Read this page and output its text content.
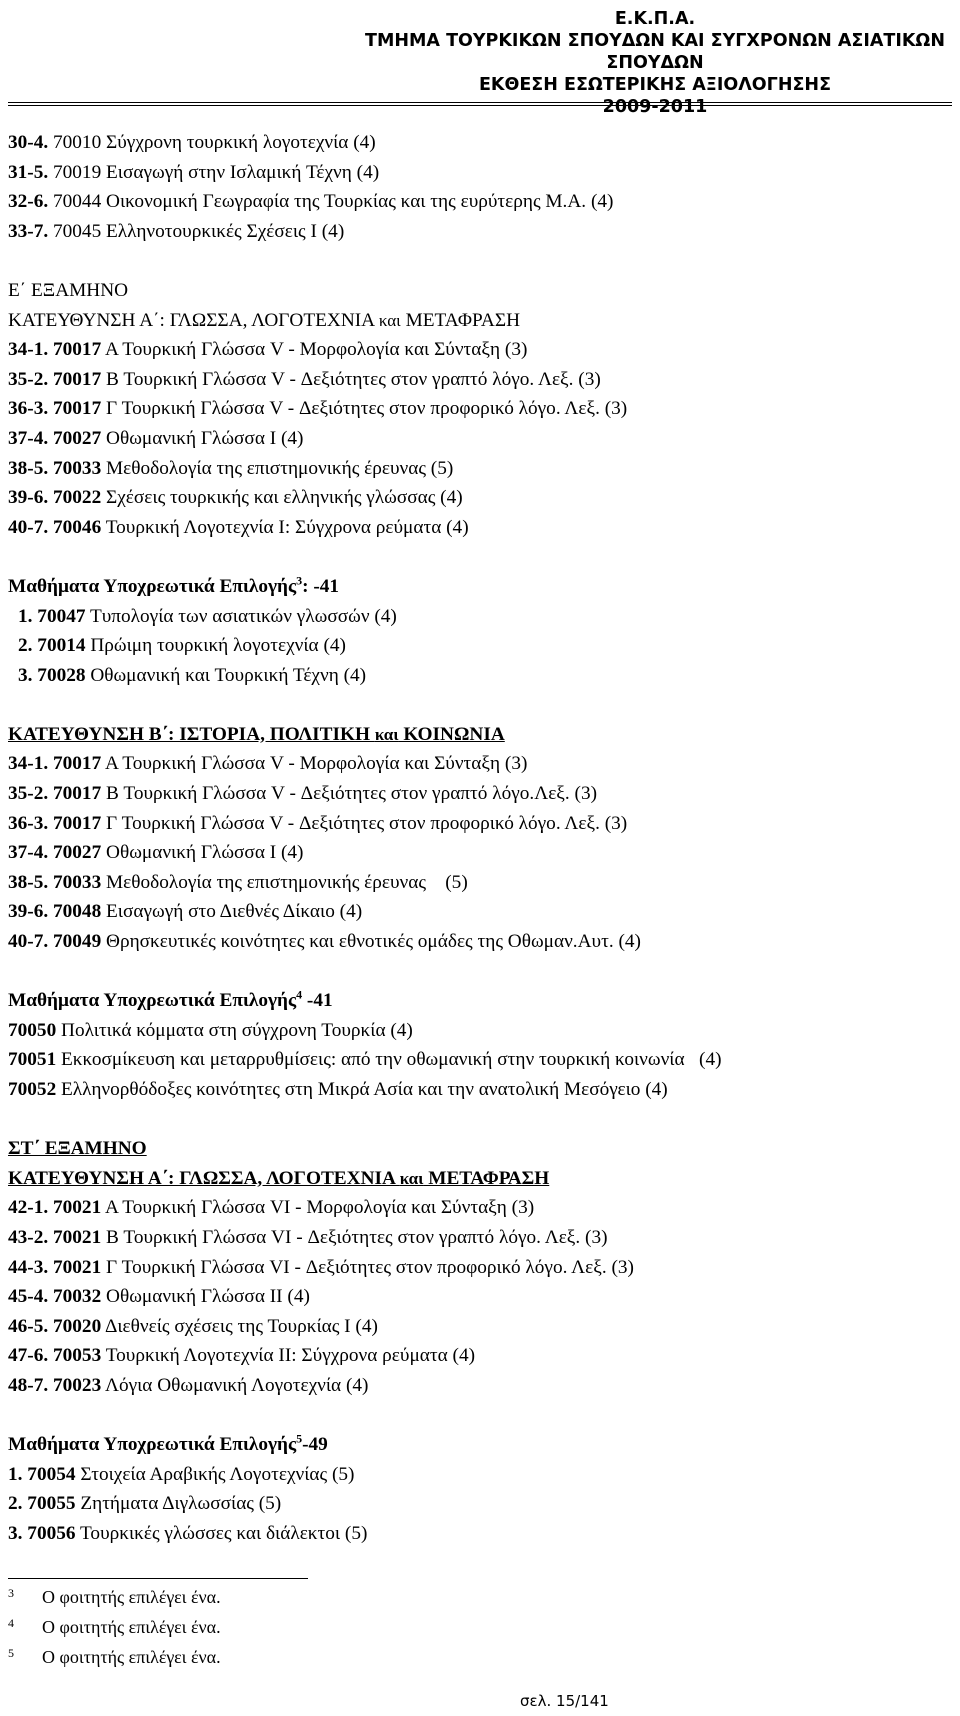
Ε.Κ.Π.Α.
ΤΜΗΜΑ ΤΟΥΡΚΙΚΩΝ ΣΠΟΥΔΩΝ ΚΑΙ ΣΥΓΧΡΟΝΩΝ ΑΣΙΑΤΙΚΩΝ ΣΠΟΥΔΩΝ
ΕΚΘΕΣΗ ΕΣΩΤΕΡΙΚΗΣ ΑΞΙΟΛΟΓΗΣΗΣ
2009-2011
30-4. 70010 Σύγχρονη τουρκική λογοτεχνία (4)
31-5. 70019 Εισαγωγή στην Ισλαμική Τέχνη (4)
32-6. 70044 Οικονομική Γεωγραφία της Τουρκίας και της ευρύτερης Μ.Α. (4)
33-7. 70045 Ελληνοτουρκικές Σχέσεις Ι (4)
Ε΄ ΕΞΑΜΗΝΟ
ΚΑΤΕΥΘΥΝΣΗ Α΄: ΓΛΩΣΣΑ, ΛΟΓΟΤΕΧΝΙΑ και ΜΕΤΑΦΡΑΣΗ
34-1. 70017 Α Τουρκική Γλώσσα V - Μορφολογία και Σύνταξη (3)
35-2. 70017 Β Τουρκική Γλώσσα V - Δεξιότητες στον γραπτό λόγο. Λεξ. (3)
36-3. 70017 Γ Τουρκική Γλώσσα V - Δεξιότητες στον προφορικό λόγο. Λεξ. (3)
37-4. 70027 Οθωμανική Γλώσσα Ι (4)
38-5. 70033 Μεθοδολογία της επιστημονικής έρευνας (5)
39-6. 70022 Σχέσεις τουρκικής και ελληνικής γλώσσας (4)
40-7. 70046 Τουρκική Λογοτεχνία Ι: Σύγχρονα ρεύματα (4)
Μαθήματα Υποχρεωτικά Επιλογής$^3$: -41
1. 70047 Τυπολογία των ασιατικών γλωσσών (4)
2. 70014 Πρώιμη τουρκική λογοτεχνία (4)
3. 70028 Οθωμανική και Τουρκική Τέχνη (4)
ΚΑΤΕΥΘΥΝΣΗ Β΄: ΙΣΤΟΡΙΑ, ΠΟΛΙΤΙΚΗ και ΚΟΙΝΩΝΙΑ
34-1. 70017 Α Τουρκική Γλώσσα V - Μορφολογία και Σύνταξη (3)
35-2. 70017 Β Τουρκική Γλώσσα V - Δεξιότητες στον γραπτό λόγο.Λεξ. (3)
36-3. 70017 Γ Τουρκική Γλώσσα V - Δεξιότητες στον προφορικό λόγο. Λεξ. (3)
37-4. 70027 Οθωμανική Γλώσσα Ι (4)
38-5. 70033 Μεθοδολογία της επιστημονικής έρευνας    (5)
39-6. 70048 Εισαγωγή στο Διεθνές Δίκαιο (4)
40-7. 70049 Θρησκευτικές κοινότητες και εθνοτικές ομάδες της Οθωμαν.Αυτ. (4)
Μαθήματα Υποχρεωτικά Επιλογής$^4$ -41
70050 Πολιτικά κόμματα στη σύγχρονη Τουρκία (4)
70051 Εκκοσμίκευση και μεταρρυθμίσεις: από την οθωμανική στην τουρκική κοινωνία   (4)
70052 Ελληνορθόδοξες κοινότητες στη Μικρά Ασία και την ανατολική Μεσόγειο (4)
ΣΤ΄ ΕΞΑΜΗΝΟ
ΚΑΤΕΥΘΥΝΣΗ Α΄: ΓΛΩΣΣΑ, ΛΟΓΟΤΕΧΝΙΑ και ΜΕΤΑΦΡΑΣΗ
42-1. 70021 Α Τουρκική Γλώσσα VI - Μορφολογία και Σύνταξη (3)
43-2. 70021 Β Τουρκική Γλώσσα VI - Δεξιότητες στον γραπτό λόγο. Λεξ. (3)
44-3. 70021 Γ Τουρκική Γλώσσα VI - Δεξιότητες στον προφορικό λόγο. Λεξ. (3)
45-4. 70032 Οθωμανική Γλώσσα ΙΙ (4)
46-5. 70020 Διεθνείς σχέσεις της Τουρκίας Ι (4)
47-6. 70053 Τουρκική Λογοτεχνία ΙΙ: Σύγχρονα ρεύματα (4)
48-7. 70023 Λόγια Οθωμανική Λογοτεχνία (4)
Μαθήματα Υποχρεωτικά Επιλογής$^5$-49
1. 70054 Στοιχεία Αραβικής Λογοτεχνίας (5)
2. 70055 Ζητήματα Διγλωσσίας (5)
3. 70056 Τουρκικές γλώσσες και διάλεκτοι (5)
3 Ο φοιτητής επιλέγει ένα.
4 Ο φοιτητής επιλέγει ένα.
5 Ο φοιτητής επιλέγει ένα.
σελ. 15/141
